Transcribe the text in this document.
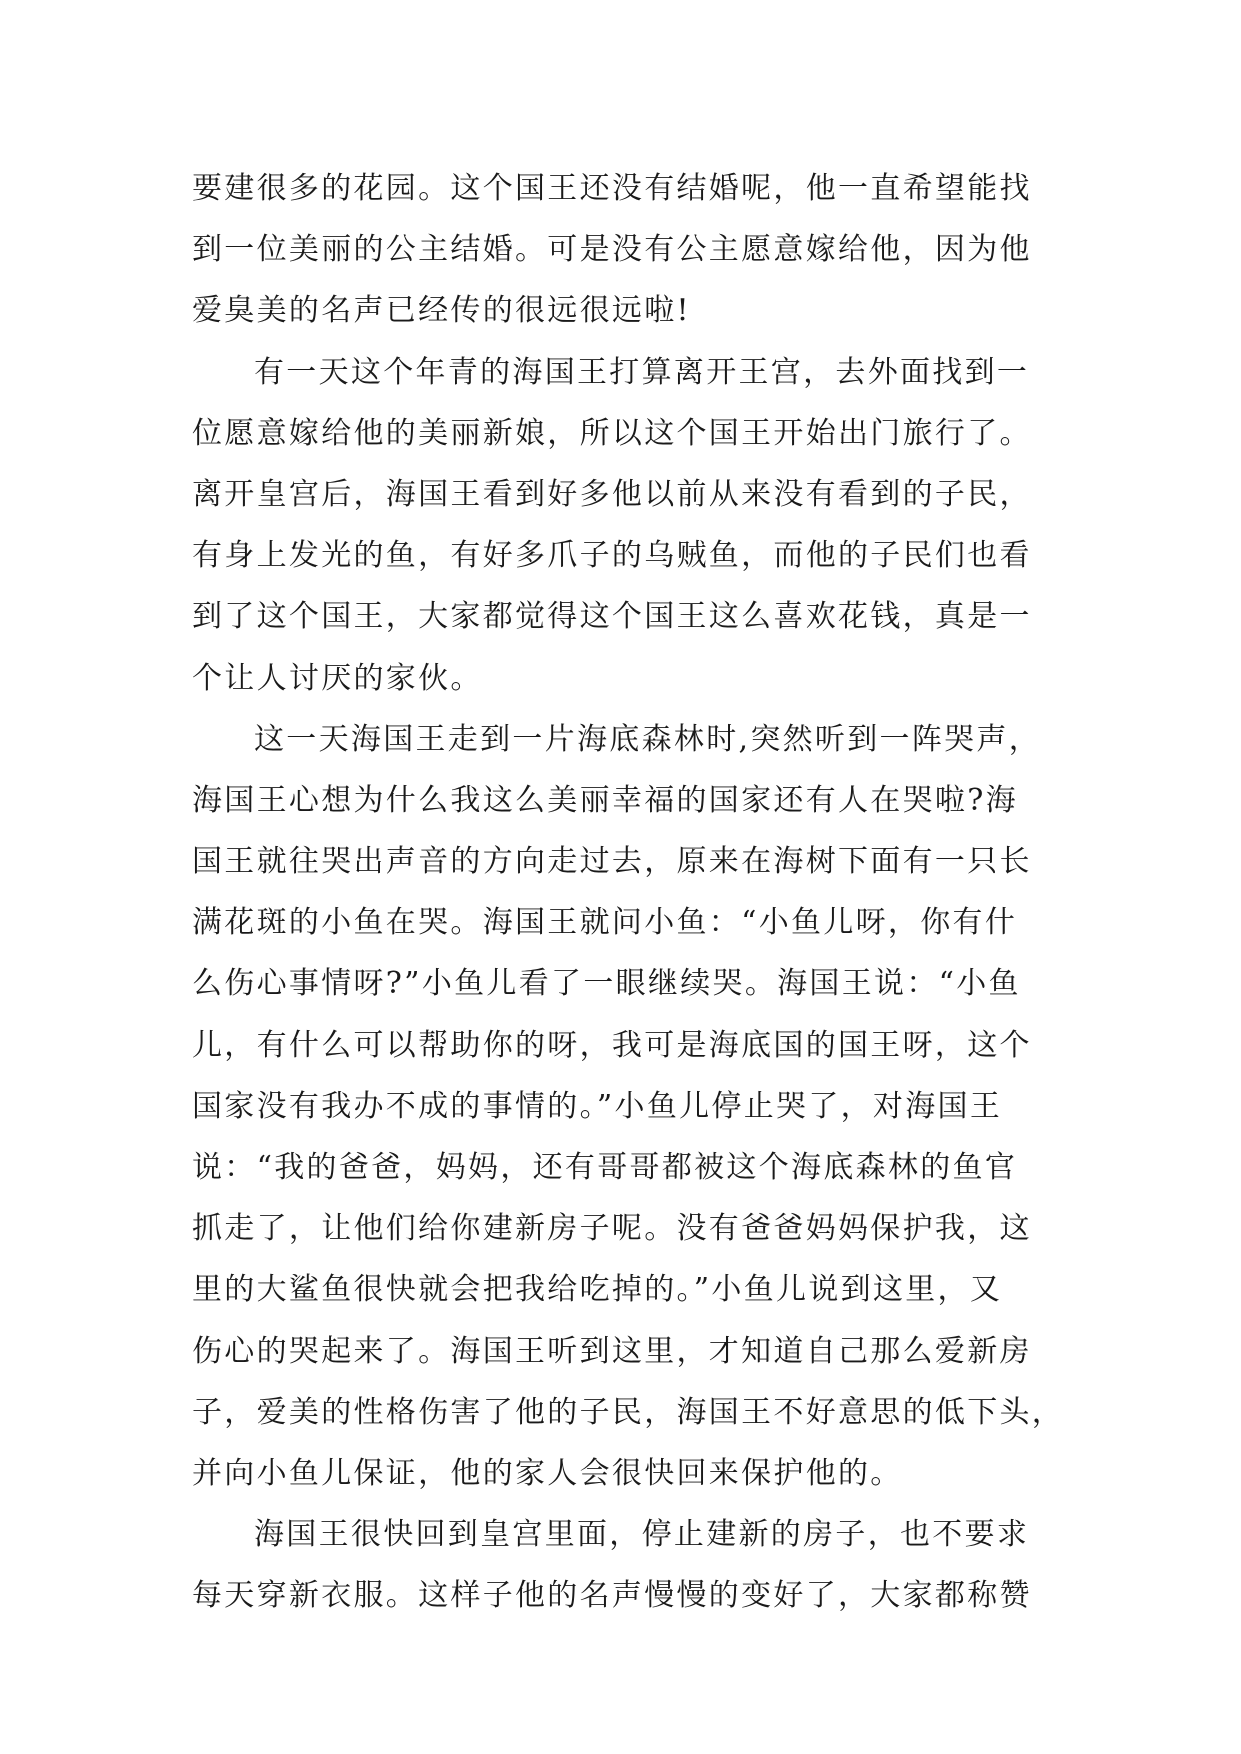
要建很多的花园。这个国王还没有结婚呢，他一直希望能找
到一位美丽的公主结婚。可是没有公主愿意嫁给他，因为他
爱臭美的名声已经传的很远很远啦!
有一天这个年青的海国王打算离开王宫，去外面找到一
位愿意嫁给他的美丽新娘，所以这个国王开始出门旅行了。
离开皇宫后，海国王看到好多他以前从来没有看到的子民，
有身上发光的鱼，有好多爪子的乌贼鱼，而他的子民们也看
到了这个国王，大家都觉得这个国王这么喜欢花钱，真是一
个让人讨厌的家伙。
这一天海国王走到一片海底森林时,突然听到一阵哭声，
海国王心想为什么我这么美丽幸福的国家还有人在哭啦?海
国王就往哭出声音的方向走过去，原来在海树下面有一只长
满花斑的小鱼在哭。海国王就问小鱼：“小鱼儿呀，你有什
么伤心事情呀?”小鱼儿看了一眼继续哭。海国王说：“小鱼
儿，有什么可以帮助你的呀，我可是海底国的国王呀，这个
国家没有我办不成的事情的。”小鱼儿停止哭了，对海国王
说：“我的爸爸，妈妈，还有哥哥都被这个海底森林的鱼官
抓走了，让他们给你建新房子呢。没有爸爸妈妈保护我，这
里的大鲨鱼很快就会把我给吃掉的。”小鱼儿说到这里，又
伤心的哭起来了。海国王听到这里，才知道自己那么爱新房
子，爱美的性格伤害了他的子民，海国王不好意思的低下头，
并向小鱼儿保证，他的家人会很快回来保护他的。
海国王很快回到皇宫里面，停止建新的房子，也不要求
每天穿新衣服。这样子他的名声慢慢的变好了，大家都称赞
